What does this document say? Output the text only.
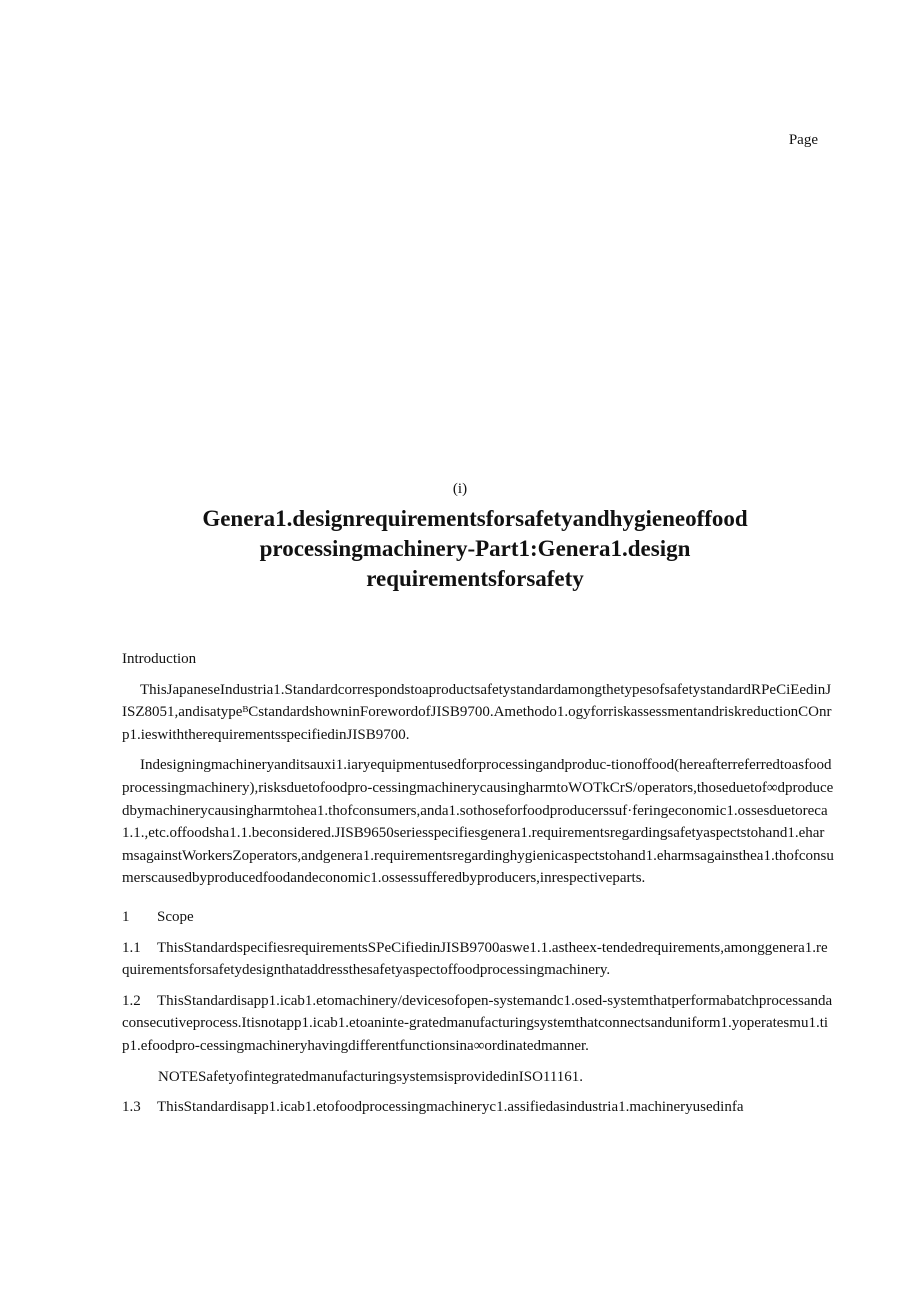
Page
(i)
Genera1.designrequirementsforsafetyandhygieneoffood
processingmachinery-Part1:Genera1.design
requirementsforsafety

Introduction

ThisJapaneseIndustria1.StandardcorrespondstoaproductsafetystandardamongthetypesofsafetystandardRPeCiEedinJISZ8051,andisatypeᴮCstandardshowninForewordofJISB9700.Amethodo1.ogyforriskassessmentandriskreductionCOnrp1.ieswiththerequirementsspecifiedinJISB9700.

Indesigningmachineryanditsauxi1.iaryequipmentusedforprocessingandproduc-tionoffood(hereafterreferredtoasfoodprocessingmachinery),risksduetofoodpro-cessingmachinerycausingharmtoWOTkCrS/operators,thoseduetof∞dproducedbymachinerycausingharmtohea1.thofconsumers,anda1.sothoseforfoodproducerssuf·feringeconomic1.ossesduetoreca1.1.,etc.offoodsha1.1.beconsidered.JISB9650seriesspecifiesgenera1.requirementsregardingsafetyaspectstohand1.eharmsagainstWorkersZoperators,andgenera1.requirementsregardinghygienicaspectstohand1.eharmsagainsthea1.thofconsumerscausedbyproducedfoodandeconomic1.ossessufferedbyproducers,inrespectiveparts.

1 Scope

1.1 ThisStandardspecifiesrequirementsSPeCifiedinJISB9700aswe1.1.astheex-tendedrequirements,amonggenera1.requirementsforsafetydesignthataddressthesafetyaspectoffoodprocessingmachinery.

1.2 ThisStandardisapp1.icab1.etomachinery/devicesofopen-systemandc1.osed-systemthatperformabatchprocessandaconsecutiveprocess.Itisnotapp1.icab1.etoaninte-gratedmanufacturingsystemthatconnectsanduniform1.yoperatesmu1.tip1.efoodpro-cessingmachineryhavingdifferentfunctionsina∞ordinatedmanner.

NOTESafetyofintegratedmanufacturingsystemsisprovidedinISO11161.

1.3 ThisStandardisapp1.icab1.etofoodprocessingmachineryc1.assifiedasindustria1.machineryusedinfa
